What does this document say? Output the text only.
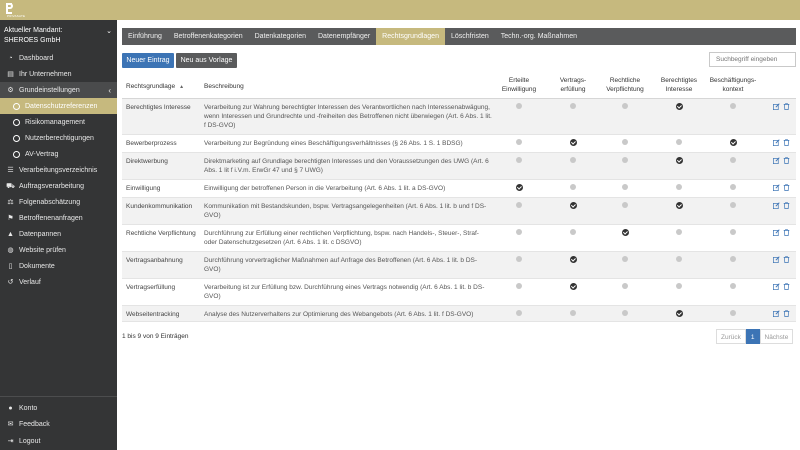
PRIVASATE
Aktueller Mandant:
SHEROES GmbH
⌄
◔ Dashboard
▤ Ihr Unternehmen
⚙ Grundeinstellungen	‹
Datenschutzreferenzen
Risikomanagement
Nutzerberechtigungen
AV-Vertrag
☰ Verarbeitungsverzeichnis
⛟ Auftragsverarbeitung
⚖ Folgenabschätzung
⚑ Betroffenenanfragen
▲ Datenpannen
◍ Website prüfen
▯ Dokumente
↺ Verlauf
● Konto
✉ Feedback
⇥ Logout
Einführung	Betroffenenkategorien	Datenkategorien	Datenempfänger	Rechtsgrundlagen	Löschfristen	Techn.-org. Maßnahmen
Neuer Eintrag	Neu aus Vorlage
Suchbegriff eingeben
Rechtsgrundlage ▲	Beschreibung
Erteilte
Einwilligung
Vertrags-
erfüllung
Rechtliche
Verpflichtung
Berechtigtes
Interesse
Beschäftigungs-
kontext
Berechtigtes Interesse	Verarbeitung zur Wahrung berechtigter Interessen des Verantwortlichen nach Interessenabwägung, wenn Interessen und Grundrechte und -freiheiten des Betroffenen nicht überwiegen (Art. 6 Abs. 1 lit. f DS-GVO)
Bewerberprozess	Verarbeitung zur Begründung eines Beschäftigungsverhältnisses (§ 26 Abs. 1 S. 1 BDSG)
Direktwerbung	Direktmarketing auf Grundlage berechtigten Interesses und den Voraussetzungen des UWG (Art. 6 Abs. 1 lit f i.V.m. ErwGr 47 und § 7 UWG)
Einwilligung	Einwilligung der betroffenen Person in die Verarbeitung (Art. 6 Abs. 1 lit. a DS-GVO)
Kundenkommunikation	Kommunikation mit Bestandskunden, bspw. Vertragsangelegenheiten (Art. 6 Abs. 1 lit. b und f DS-GVO)
Rechtliche Verpflichtung	Durchführung zur Erfüllung einer rechtlichen Verpflichtung, bspw. nach Handels-, Steuer-, Straf- oder Datenschutzgesetzen (Art. 6 Abs. 1 lit. c DSGVO)
Vertragsanbahnung	Durchführung vorvertraglicher Maßnahmen auf Anfrage des Betroffenen (Art. 6 Abs. 1 lit. b DS-GVO)
Vertragserfüllung	Verarbeitung ist zur Erfüllung bzw. Durchführung eines Vertrags notwendig (Art. 6 Abs. 1 lit. b DS-GVO)
Webseitentracking	Analyse des Nutzerverhaltens zur Optimierung des Webangebots (Art. 6 Abs. 1 lit. f DS-GVO)
1 bis 9 von 9 Einträgen	Zurück	1	Nächste
